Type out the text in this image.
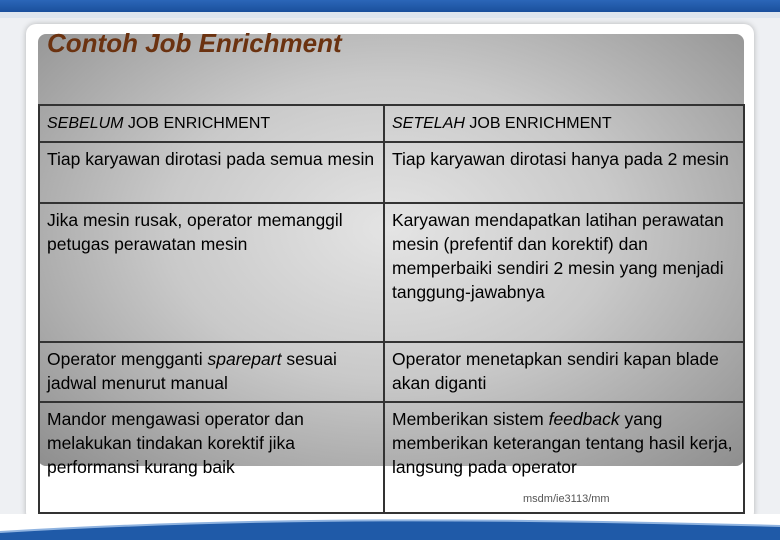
Contoh Job Enrichment
SEBELUM JOB ENRICHMENT	SETELAH JOB ENRICHMENT
Tiap karyawan dirotasi pada semua mesin	Tiap karyawan dirotasi hanya pada 2 mesin
Jika mesin rusak, operator memanggil petugas perawatan mesin	Karyawan mendapatkan latihan perawatan mesin (prefentif dan korektif) dan memperbaiki sendiri 2 mesin yang menjadi tanggung-jawabnya
Operator mengganti sparepart sesuai jadwal menurut manual	Operator menetapkan sendiri kapan blade akan diganti
Mandor mengawasi operator dan melakukan tindakan korektif jika performansi kurang baik	Memberikan sistem feedback yang memberikan keterangan tentang hasil kerja, langsung pada operator
msdm/ie3113/mm
